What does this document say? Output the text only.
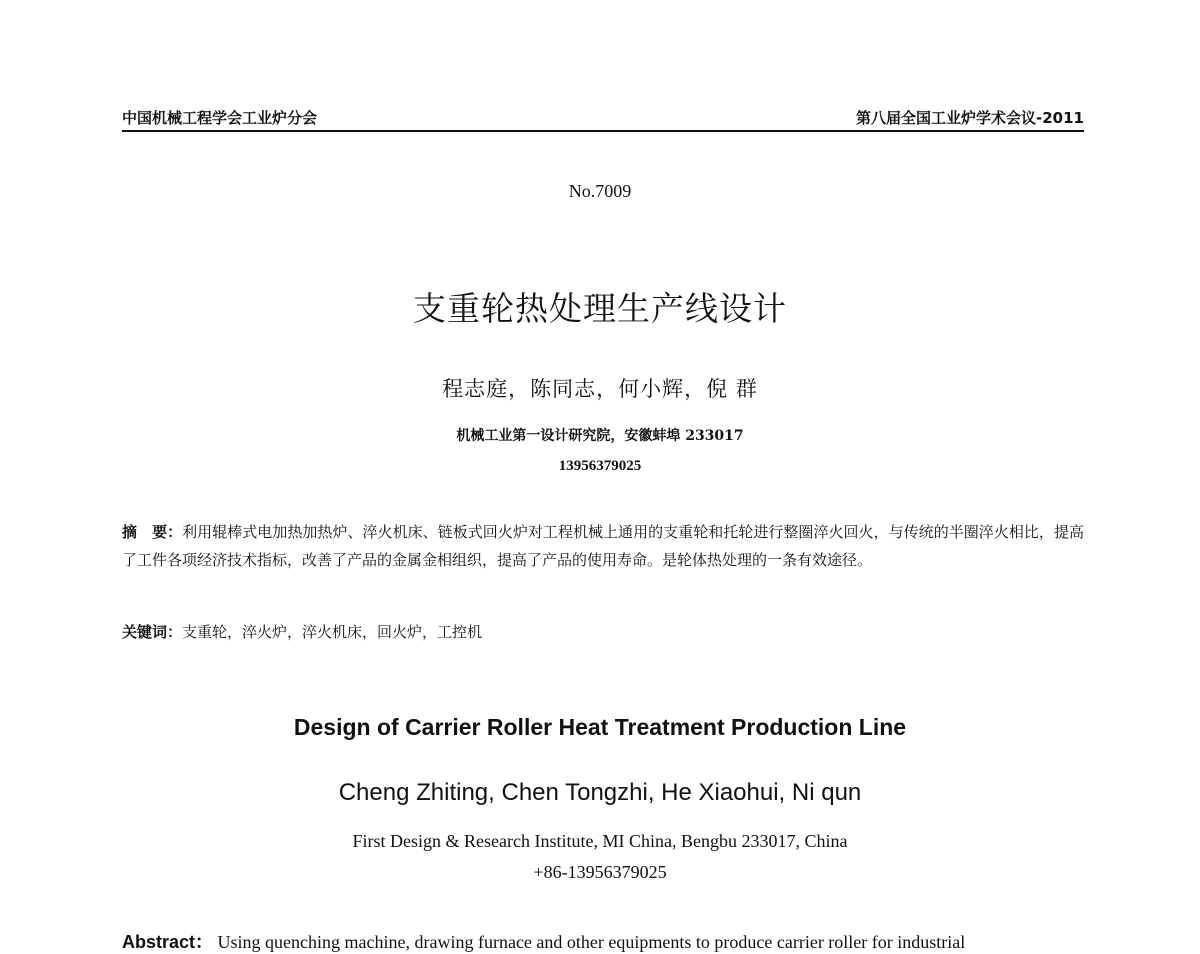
中国机械工程学会工业炉分会	第八届全国工业炉学术会议-2011
No.7009
支重轮热处理生产线设计
程志庭，陈同志，何小辉，倪 群
机械工业第一设计研究院，安徽蚌埠 233017
13956379025
摘　要：利用辊棒式电加热加热炉、淬火机床、链板式回火炉对工程机械上通用的支重轮和托轮进行整圈淬火回火，与传统的半圈淬火相比，提高了工件各项经济技术指标，改善了产品的金属金相组织，提高了产品的使用寿命。是轮体热处理的一条有效途径。
关键词：支重轮，淬火炉，淬火机床，回火炉，工控机
Design of Carrier Roller Heat Treatment Production Line
Cheng Zhiting, Chen Tongzhi, He Xiaohui, Ni qun
First Design & Research Institute, MI China, Bengbu 233017, China
+86-13956379025
Abstract： Using quenching machine, drawing furnace and other equipments to produce carrier roller for industrial
